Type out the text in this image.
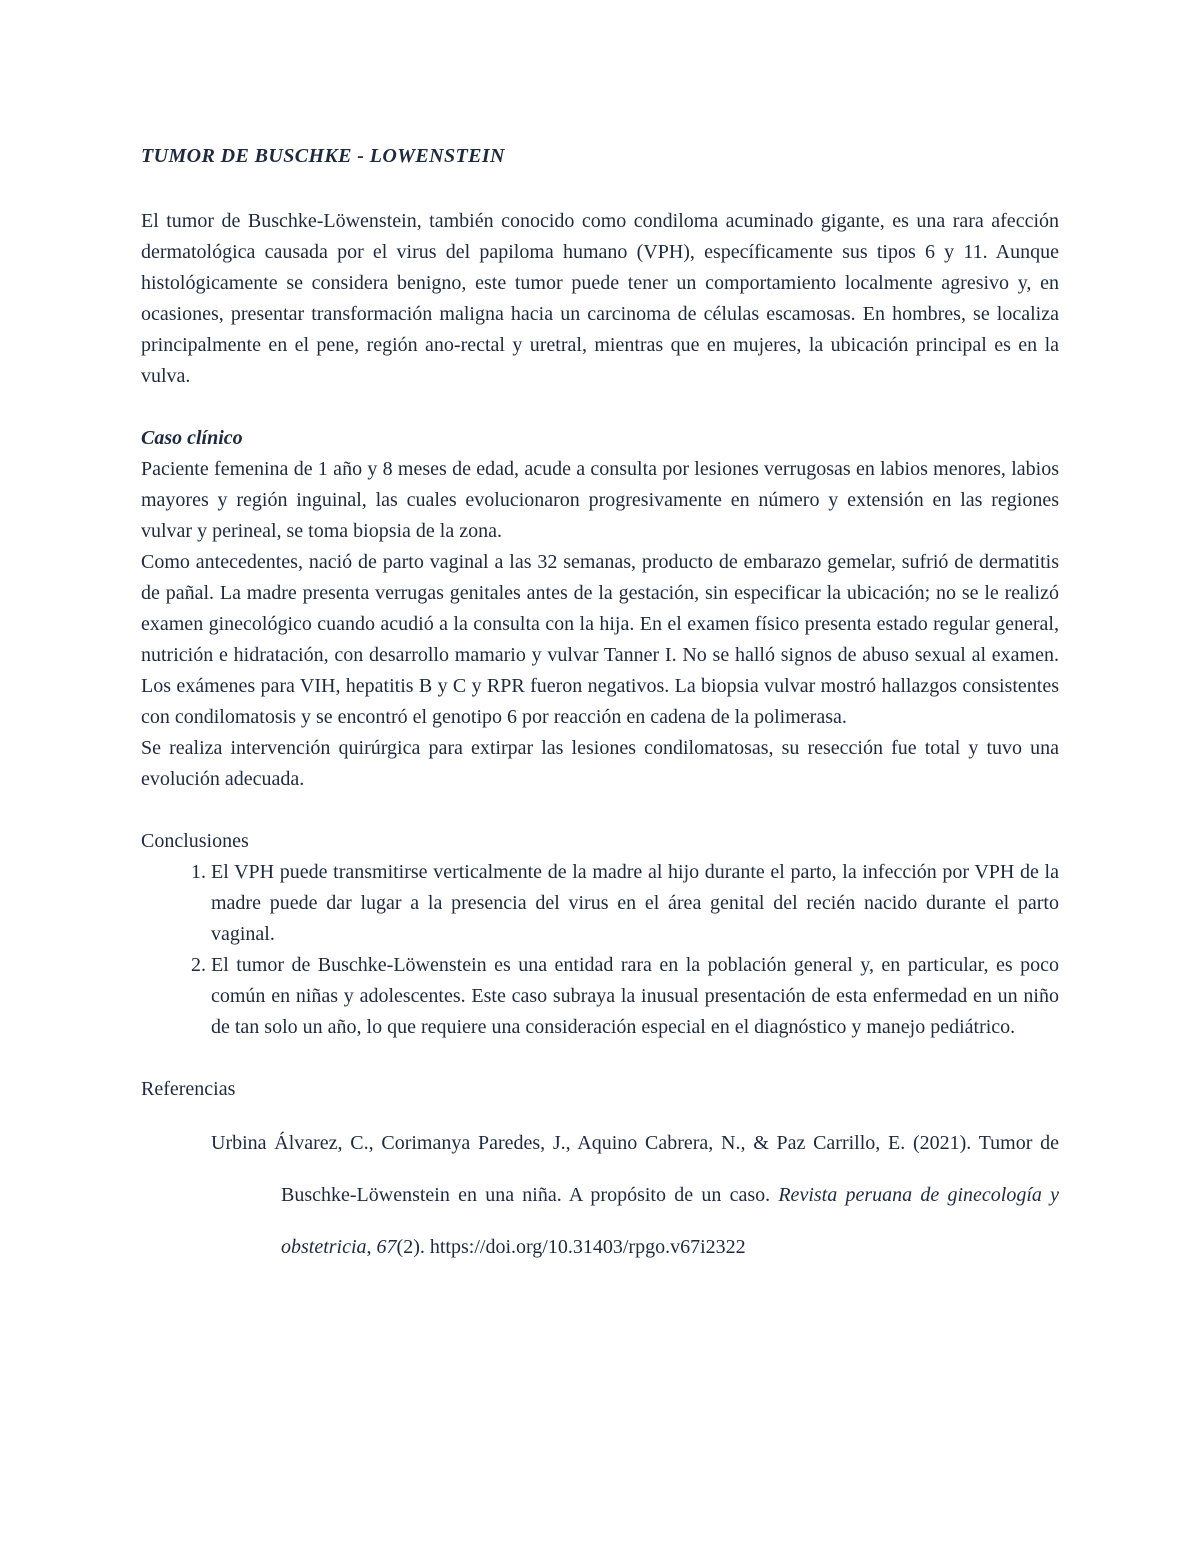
TUMOR DE BUSCHKE - LOWENSTEIN

El tumor de Buschke-Löwenstein, también conocido como condiloma acuminado gigante, es una rara afección dermatológica causada por el virus del papiloma humano (VPH), específicamente sus tipos 6 y 11. Aunque histológicamente se considera benigno, este tumor puede tener un comportamiento localmente agresivo y, en ocasiones, presentar transformación maligna hacia un carcinoma de células escamosas. En hombres, se localiza principalmente en el pene, región ano-rectal y uretral, mientras que en mujeres, la ubicación principal es en la vulva.

Caso clínico

Paciente femenina de 1 año y 8 meses de edad, acude a consulta por lesiones verrugosas en labios menores, labios mayores y región inguinal, las cuales evolucionaron progresivamente en número y extensión en las regiones vulvar y perineal, se toma biopsia de la zona.

Como antecedentes, nació de parto vaginal a las 32 semanas, producto de embarazo gemelar, sufrió de dermatitis de pañal. La madre presenta verrugas genitales antes de la gestación, sin especificar la ubicación; no se le realizó examen ginecológico cuando acudió a la consulta con la hija. En el examen físico presenta estado regular general, nutrición e hidratación, con desarrollo mamario y vulvar Tanner I. No se halló signos de abuso sexual al examen. Los exámenes para VIH, hepatitis B y C y RPR fueron negativos. La biopsia vulvar mostró hallazgos consistentes con condilomatosis y se encontró el genotipo 6 por reacción en cadena de la polimerasa.

Se realiza intervención quirúrgica para extirpar las lesiones condilomatosas, su resección fue total y tuvo una evolución adecuada.

Conclusiones

1. El VPH puede transmitirse verticalmente de la madre al hijo durante el parto, la infección por VPH de la madre puede dar lugar a la presencia del virus en el área genital del recién nacido durante el parto vaginal.
2. El tumor de Buschke-Löwenstein es una entidad rara en la población general y, en particular, es poco común en niñas y adolescentes. Este caso subraya la inusual presentación de esta enfermedad en un niño de tan solo un año, lo que requiere una consideración especial en el diagnóstico y manejo pediátrico.

Referencias

Urbina Álvarez, C., Corimanya Paredes, J., Aquino Cabrera, N., & Paz Carrillo, E. (2021). Tumor de Buschke-Löwenstein en una niña. A propósito de un caso. Revista peruana de ginecología y obstetricia, 67(2). https://doi.org/10.31403/rpgo.v67i2322
